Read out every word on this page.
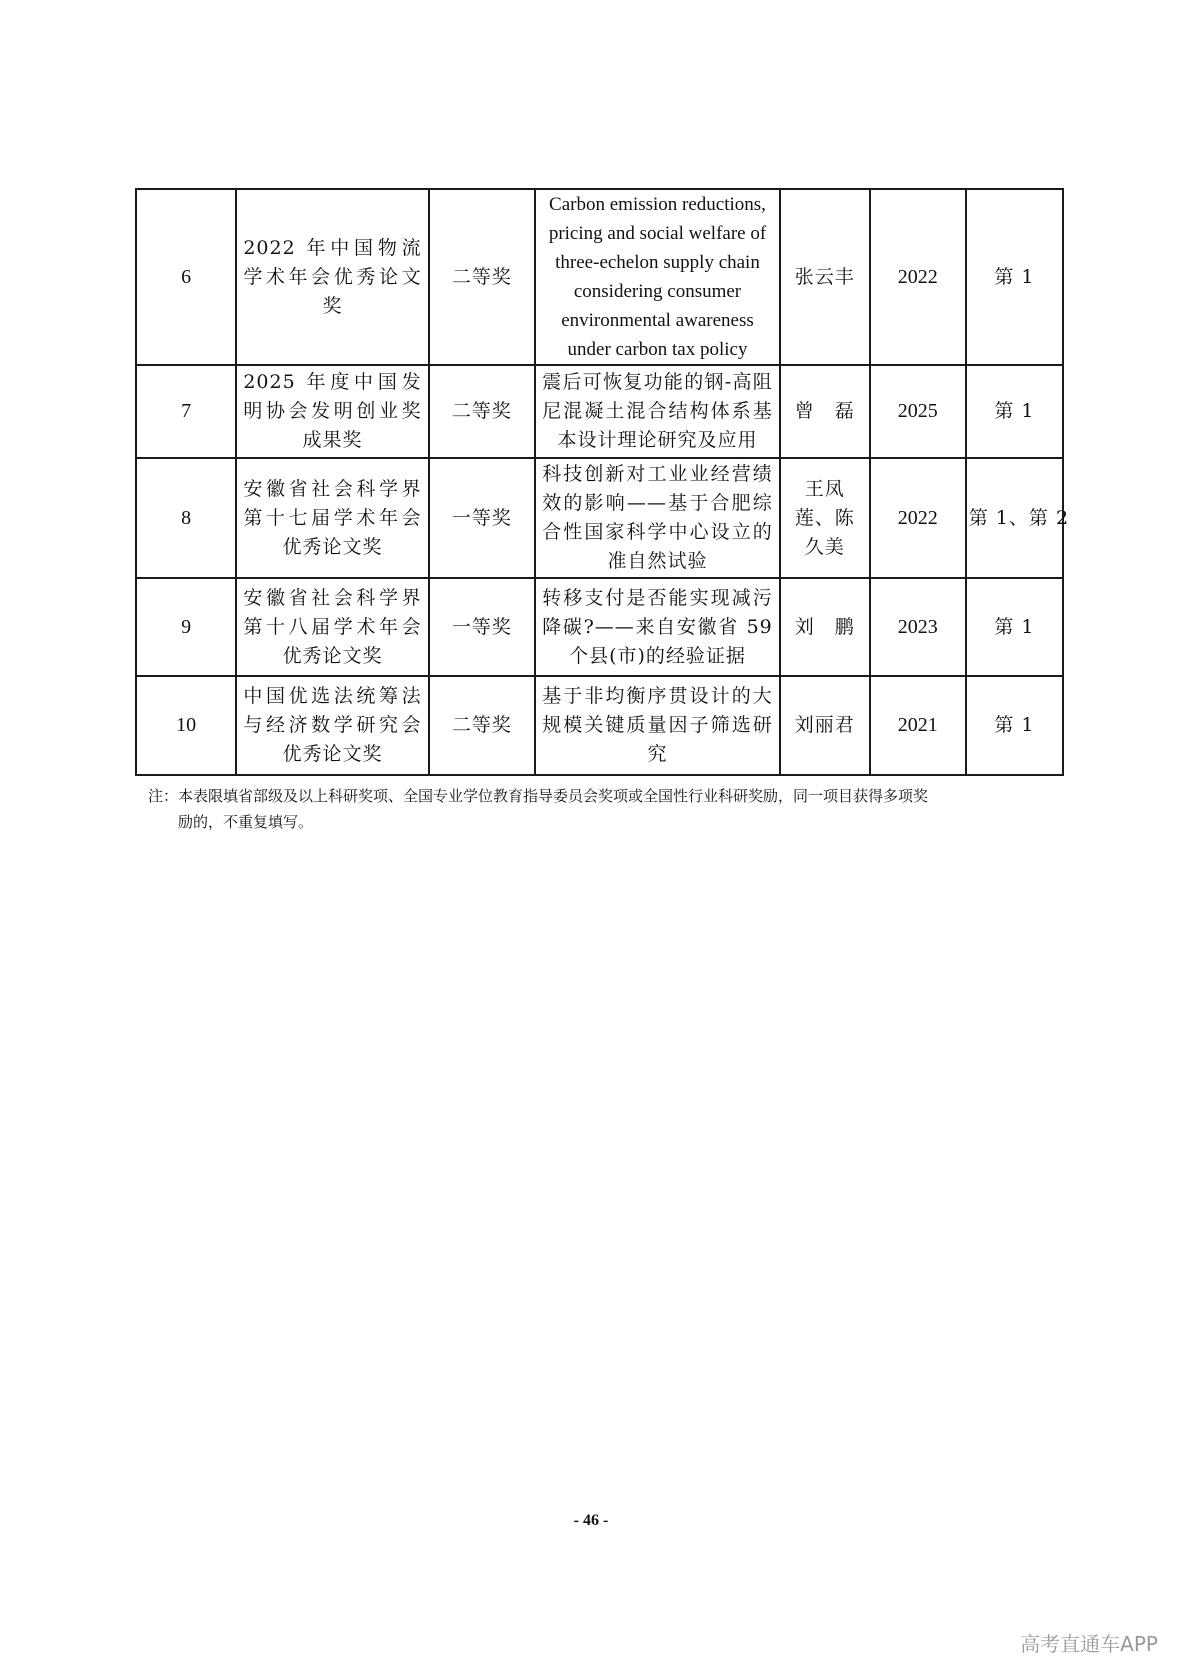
6	2022 年中国物流学术年会优秀论文奖	二等奖	Carbon emission reductions, pricing and social welfare of three-echelon supply chain considering consumer environmental awareness under carbon tax policy	张云丰	2022	第 1
7	2025 年度中国发明协会发明创业奖成果奖	二等奖	震后可恢复功能的钢-高阻尼混凝土混合结构体系基本设计理论研究及应用	曾　磊	2025	第 1
8	安徽省社会科学界第十七届学术年会优秀论文奖	一等奖	科技创新对工业业经营绩效的影响——基于合肥综合性国家科学中心设立的准自然试验	王凤莲、陈久美	2022	第 1、第 2
9	安徽省社会科学界第十八届学术年会优秀论文奖	一等奖	转移支付是否能实现减污降碳?——来自安徽省 59 个县(市)的经验证据	刘　鹏	2023	第 1
10	中国优选法统筹法与经济数学研究会优秀论文奖	二等奖	基于非均衡序贯设计的大规模关键质量因子筛选研究	刘丽君	2021	第 1
注：本表限填省部级及以上科研奖项、全国专业学位教育指导委员会奖项或全国性行业科研奖励，同一项目获得多项奖
励的，不重复填写。
- 46 -
高考直通车APP
